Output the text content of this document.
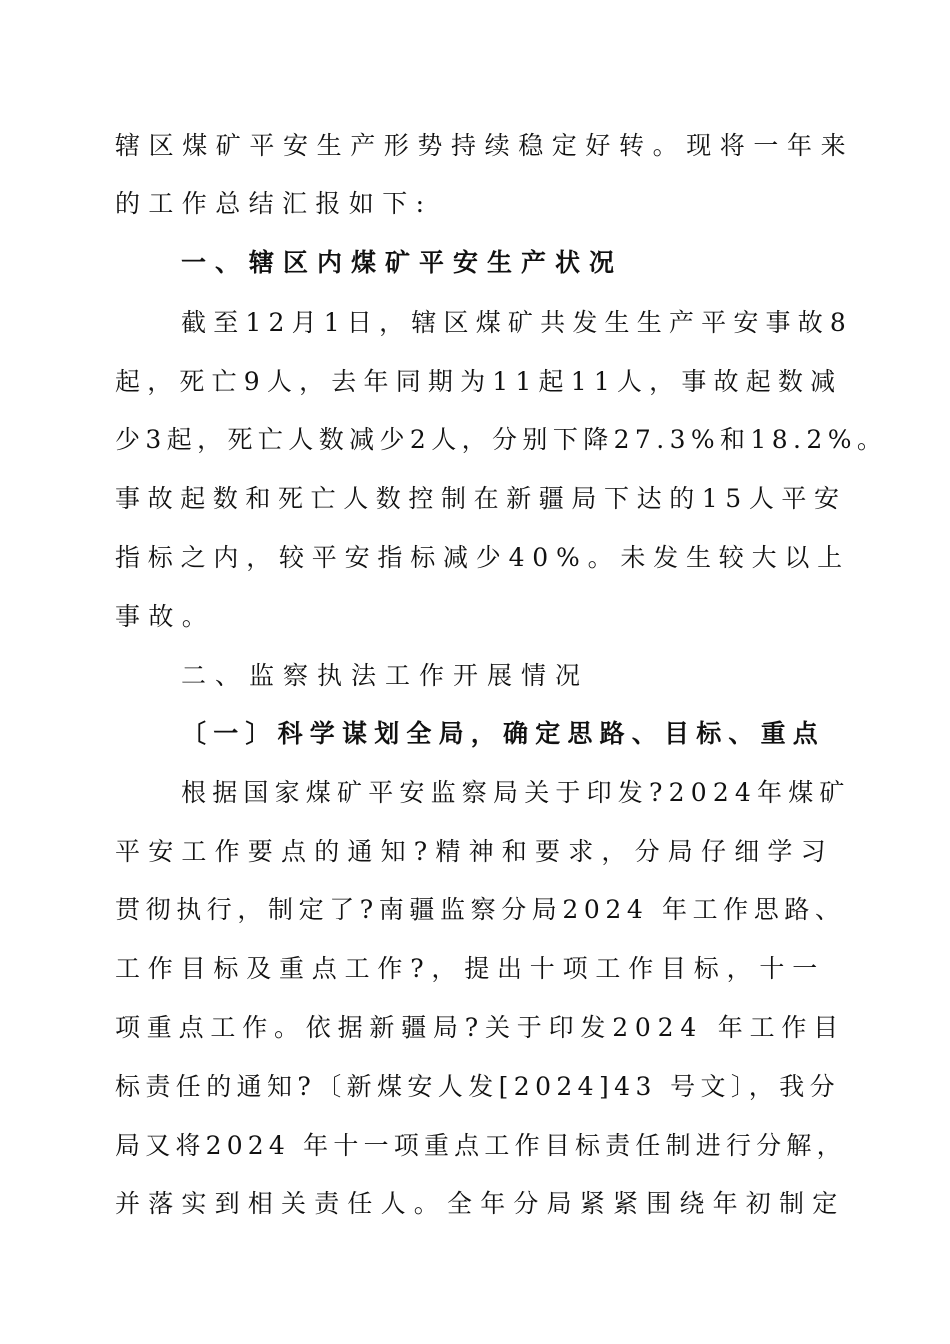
辖区煤矿平安生产形势持续稳定好转。现将一年来
的工作总结汇报如下:
一、辖区内煤矿平安生产状况
截至12月1日，辖区煤矿共发生生产平安事故8
起，死亡9人，去年同期为11起11人，事故起数减
少3起，死亡人数减少2人，分别下降27.3%和18.2%。
事故起数和死亡人数控制在新疆局下达的15人平安
指标之内，较平安指标减少40%。未发生较大以上
事故。
二、监察执法工作开展情况
〔一〕科学谋划全局，确定思路、目标、重点
根据国家煤矿平安监察局关于印发?2024年煤矿
平安工作要点的通知?精神和要求，分局仔细学习
贯彻执行，制定了?南疆监察分局2024 年工作思路、
工作目标及重点工作?，提出十项工作目标，十一
项重点工作。依据新疆局?关于印发2024 年工作目
标责任的通知?〔新煤安人发[2024]43 号文〕，我分
局又将2024 年十一项重点工作目标责任制进行分解，
并落实到相关责任人。全年分局紧紧围绕年初制定
